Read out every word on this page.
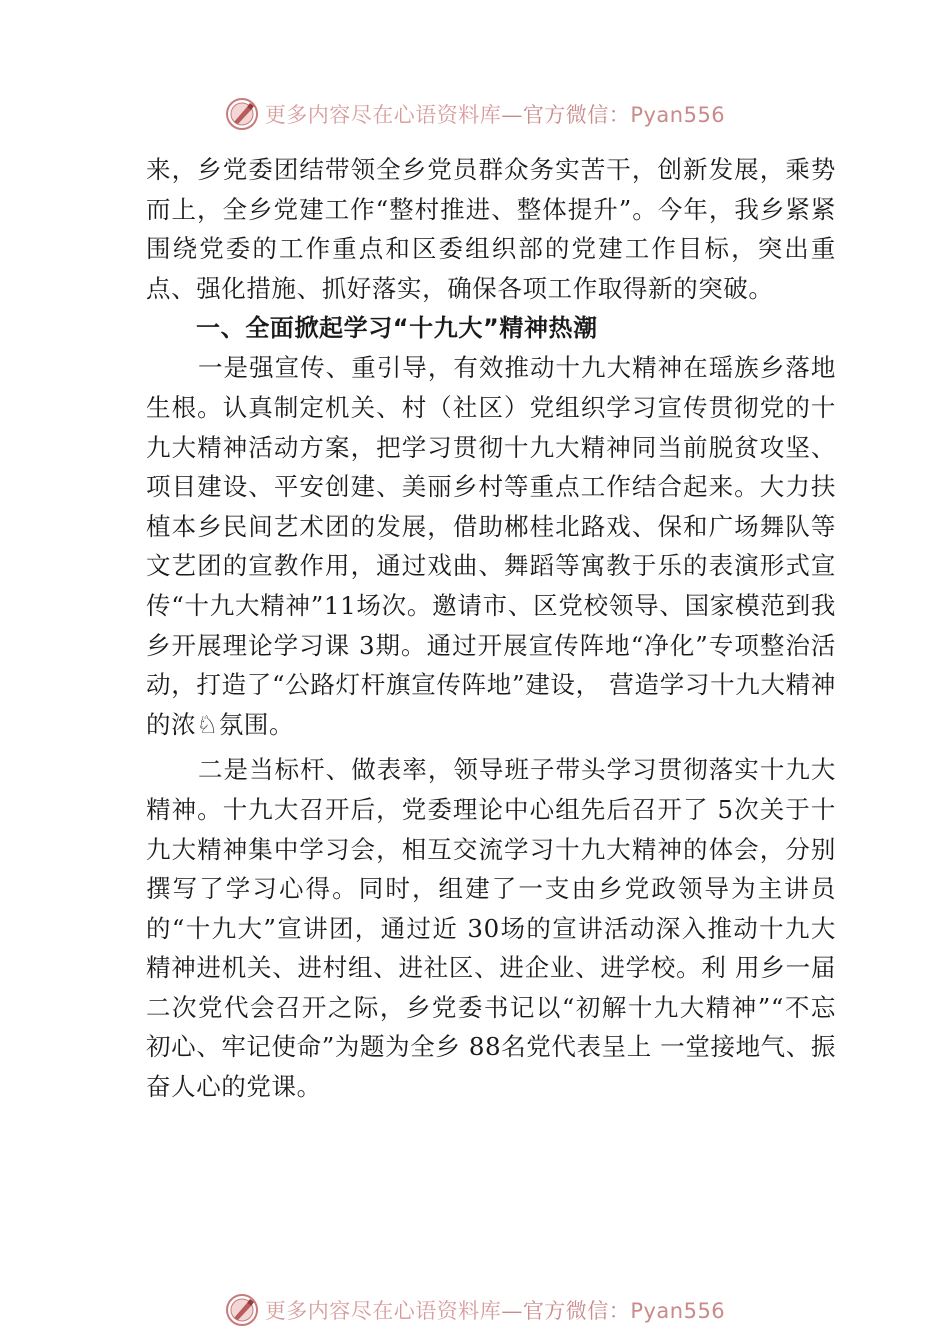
更多内容尽在心语资料库—官方微信：Pyan556

来，乡党委团结带领全乡党员群众务实苦干，创新发展，乘势而上，全乡党建工作“整村推进、整体提升”。今年，我乡紧紧围绕党委的工作重点和区委组织部的党建工作目标，突出重点、强化措施、抓好落实，确保各项工作取得新的突破。

一、全面掀起学习“十九大”精神热潮

一是强宣传、重引导，有效推动十九大精神在瑶族乡落地生根。认真制定机关、村（社区）党组织学习宣传贯彻党的十九大精神活动方案，把学习贯彻十九大精神同当前脱贫攻坚、项目建设、平安创建、美丽乡村等重点工作结合起来。大力扶植本乡民间艺术团的发展，借助郴桂北路戏、保和广场舞队等文艺团的宣教作用，通过戏曲、舞蹈等寓教于乐的表演形式宣传“十九大精神”11场次。邀请市、区党校领导、国家模范到我乡开展理论学习课 3期。通过开展宣传阵地“净化”专项整治活动，打造了“公路灯杆旗宣传阵地”建设， 营造学习十九大精神的浓♘氛围。

二是当标杆、做表率，领导班子带头学习贯彻落实十九大精神。十九大召开后，党委理论中心组先后召开了 5次关于十九大精神集中学习会，相互交流学习十九大精神的体会，分别撰写了学习心得。同时，组建了一支由乡党政领导为主讲员的“十九大”宣讲团，通过近 30场的宣讲活动深入推动十九大精神进机关、进村组、进社区、进企业、进学校。利 用乡一届二次党代会召开之际，乡党委书记以“初解十九大精神”“不忘初心、牢记使命”为题为全乡 88名党代表呈上 一堂接地气、振奋人心的党课。

更多内容尽在心语资料库—官方微信：Pyan556
